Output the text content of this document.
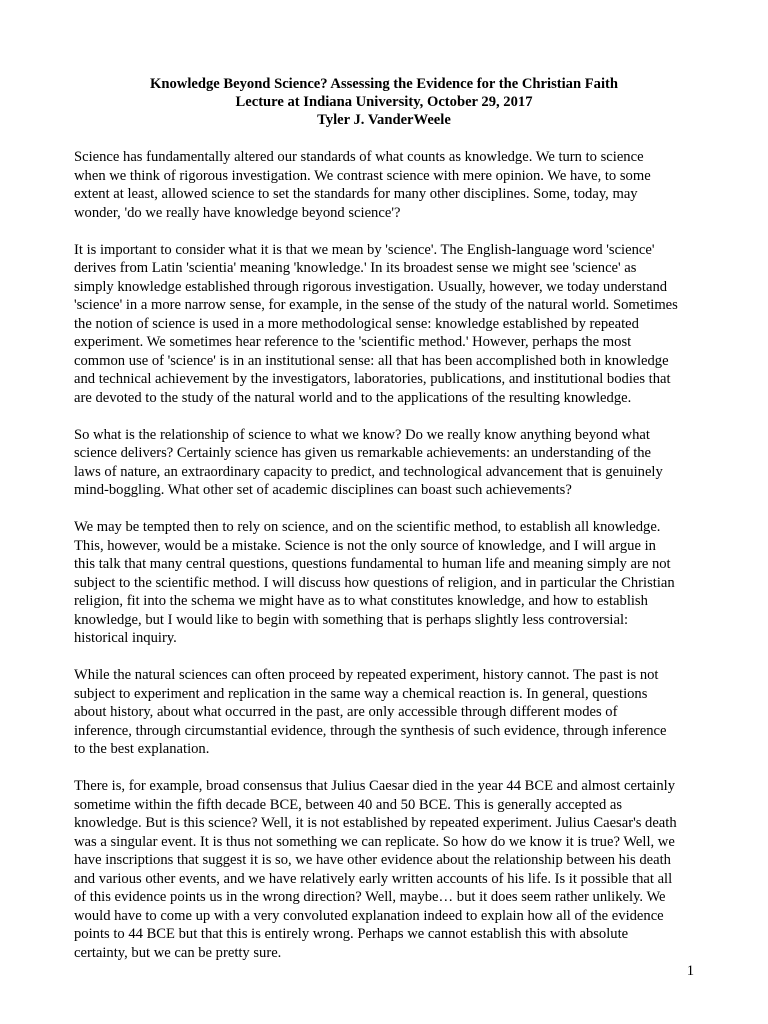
Knowledge Beyond Science? Assessing the Evidence for the Christian Faith
Lecture at Indiana University, October 29, 2017
Tyler J. VanderWeele
Science has fundamentally altered our standards of what counts as knowledge. We turn to science
when we think of rigorous investigation. We contrast science with mere opinion. We have, to some
extent at least, allowed science to set the standards for many other disciplines. Some, today, may
wonder, 'do we really have knowledge beyond science'?
It is important to consider what it is that we mean by 'science'. The English-language word 'science'
derives from Latin 'scientia' meaning 'knowledge.' In its broadest sense we might see 'science' as
simply knowledge established through rigorous investigation. Usually, however, we today understand
'science' in a more narrow sense, for example, in the sense of the study of the natural world. Sometimes
the notion of science is used in a more methodological sense: knowledge established by repeated
experiment. We sometimes hear reference to the 'scientific method.' However, perhaps the most
common use of 'science' is in an institutional sense: all that has been accomplished both in knowledge
and technical achievement by the investigators, laboratories, publications, and institutional bodies that
are devoted to the study of the natural world and to the applications of the resulting knowledge.
So what is the relationship of science to what we know? Do we really know anything beyond what
science delivers? Certainly science has given us remarkable achievements: an understanding of the
laws of nature, an extraordinary capacity to predict, and technological advancement that is genuinely
mind-boggling. What other set of academic disciplines can boast such achievements?
We may be tempted then to rely on science, and on the scientific method, to establish all knowledge.
This, however, would be a mistake. Science is not the only source of knowledge, and I will argue in
this talk that many central questions, questions fundamental to human life and meaning simply are not
subject to the scientific method. I will discuss how questions of religion, and in particular the Christian
religion, fit into the schema we might have as to what constitutes knowledge, and how to establish
knowledge, but I would like to begin with something that is perhaps slightly less controversial:
historical inquiry.
While the natural sciences can often proceed by repeated experiment, history cannot. The past is not
subject to experiment and replication in the same way a chemical reaction is. In general, questions
about history, about what occurred in the past, are only accessible through different modes of
inference, through circumstantial evidence, through the synthesis of such evidence, through inference
to the best explanation.
There is, for example, broad consensus that Julius Caesar died in the year 44 BCE and almost certainly
sometime within the fifth decade BCE, between 40 and 50 BCE. This is generally accepted as
knowledge. But is this science? Well, it is not established by repeated experiment. Julius Caesar's death
was a singular event. It is thus not something we can replicate. So how do we know it is true? Well, we
have inscriptions that suggest it is so, we have other evidence about the relationship between his death
and various other events, and we have relatively early written accounts of his life. Is it possible that all
of this evidence points us in the wrong direction? Well, maybe… but it does seem rather unlikely. We
would have to come up with a very convoluted explanation indeed to explain how all of the evidence
points to 44 BCE but that this is entirely wrong. Perhaps we cannot establish this with absolute
certainty, but we can be pretty sure.
1
